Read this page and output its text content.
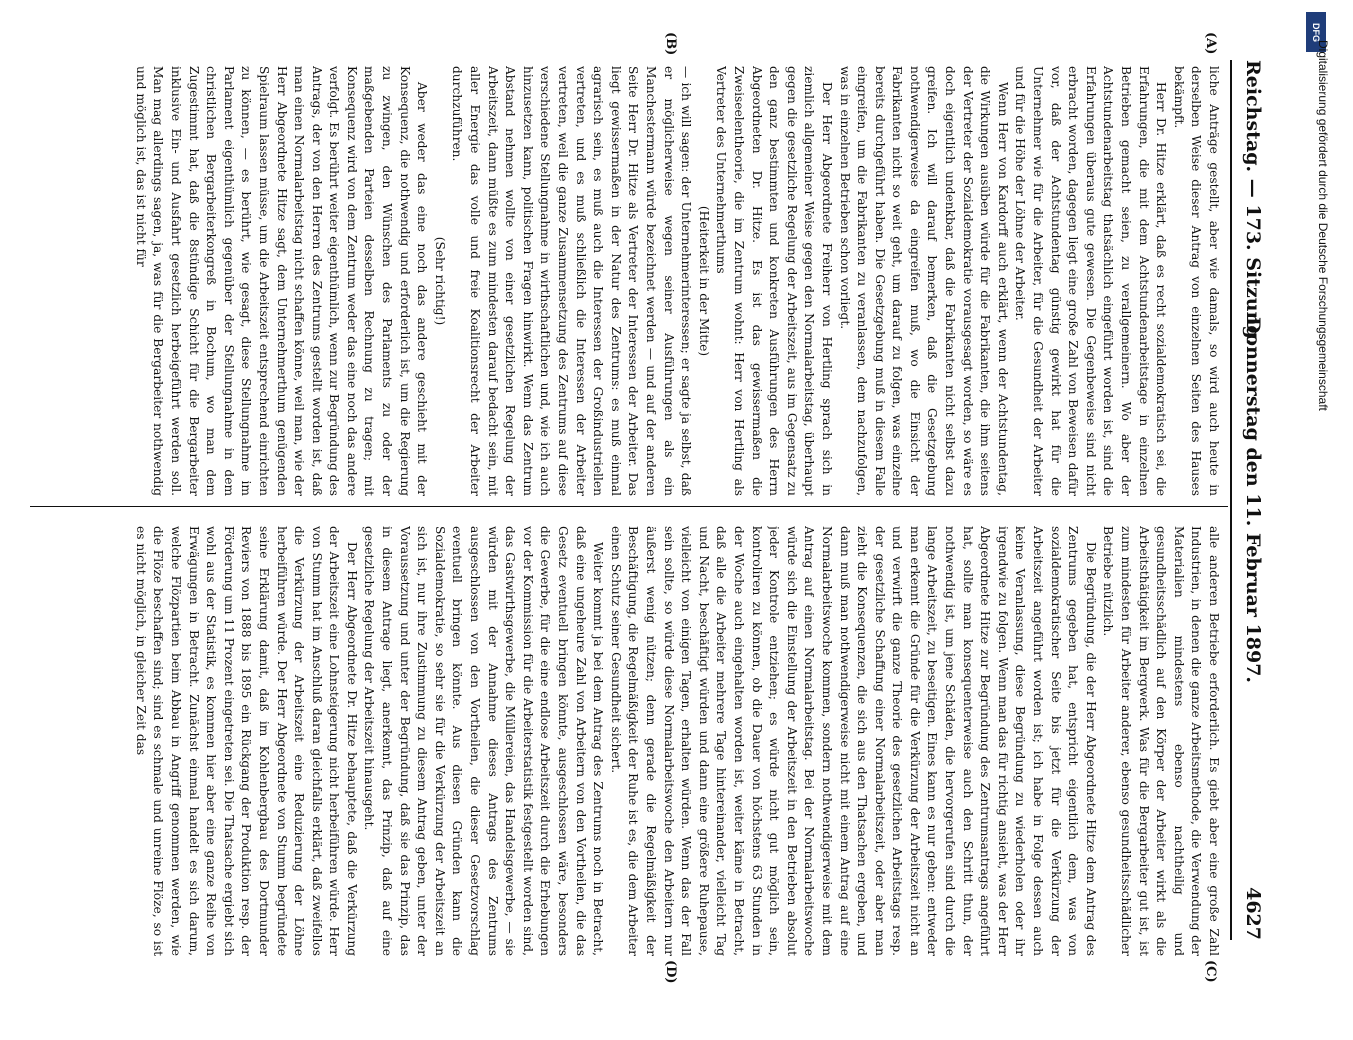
Reichstag. — 173. Sitzung.
Donnerstag den 11. Februar 1897.
4627
(A)
(B)
(C)
(D)

liche Anträge gestellt, aber wie damals, so wird auch heute in derselben Weise dieser Antrag von einzelnen Seiten des Hauses bekämpft.

Herr Dr. Hitze erklärt, daß es recht sozialdemokratisch sei, die Erfahrungen, die mit dem Achtstundenarbeitstage in einzelnen Betrieben gemacht seien, zu verallgemeinern. Wo aber der Achtstundenarbeitstag thatsächlich eingeführt worden ist, sind die Erfahrungen überaus gute gewesen. Die Gegenbeweise sind nicht erbracht worden, dagegen liegt eine große Zahl von Beweisen dafür vor, daß der Achtstundentag günstig gewirkt hat für die Unternehmer wie für die Arbeiter, für die Gesundheit der Arbeiter und für die Höhe der Löhne der Arbeiter.

Wenn Herr von Kardorff auch erklärt, wenn der Achtstundentag, die Wirkungen ausüben würde für die Fabrikanten, die ihm seitens der Vertreter der Sozialdemokratie vorausgesagt worden, so wäre es doch eigentlich undenkbar, daß die Fabrikanten nicht selbst dazu greifen. Ich will darauf bemerken, daß die Gesetzgebung nothwendigerweise da eingreifen muß, wo die Einsicht der Fabrikanten nicht so weit geht, um darauf zu folgen, was einzelne bereits durchgeführt haben. Die Gesetzgebung muß in diesem Falle eingreifen, um die Fabrikanten zu veranlassen, dem nachzufolgen, was in einzelnen Betrieben schon vorliegt.

Der Herr Abgeordnete Freiherr von Hertling sprach sich in ziemlich allgemeiner Weise gegen den Normalarbeitstag, überhaupt gegen die gesetzliche Regelung der Arbeitszeit, aus im Gegensatz zu den ganz bestimmten und konkreten Ausführungen des Herrn Abgeordneten Dr. Hitze. Es ist das gewissermaßen die Zweiseelentheorie, die im Zentrum wohnt: Herr von Hertling als Vertreter des Unternehmerthums

(Heiterkeit in der Mitte)

— ich will sagen: der Unternehmerinteressen; er sagte ja selbst, daß er möglicherweise wegen seiner Ausführungen als ein Manchestermann würde bezeichnet werden — und auf der anderen Seite Herr Dr. Hitze als Vertreter der Interessen der Arbeiter. Das liegt gewissermaßen in der Natur des Zentrums: es muß einmal agrarisch sein, es muß auch die Interessen der Großindustriellen vertreten, und es muß schließlich die Interessen der Arbeiter vertreten, weil die ganze Zusammensetzung des Zentrums auf diese verschiedene Stellungnahme in wirthschaftlichen und, wie ich auch hinzusetzen kann, politischen Fragen hinwirkt. Wenn das Zentrum Abstand nehmen wollte von einer gesetzlichen Regelung der Arbeitszeit, dann müßte es zum mindesten darauf bedacht sein, mit aller Energie das volle und freie Koalitionsrecht der Arbeiter durchzuführen.

(Sehr richtig!)

Aber weder das eine noch das andere geschieht mit der Konsequenz, die nothwendig und erforderlich ist, um die Regierung zu zwingen, den Wünschen des Parlaments zu oder der maßgebenden Parteien desselben Rechnung zu tragen; mit Konsequenz wird von dem Zentrum weder das eine noch das andere verfolgt. Es berührt weiter eigenthümlich, wenn zur Begründung des Antrags, der von den Herren des Zentrums gestellt worden ist, daß man einen Normalarbeitstag nicht schaffen könne, weil man, wie der Herr Abgeordnete Hitze sagt, dem Unternehmerthum genügenden Spielraum lassen müsse, um die Arbeitszeit entsprechend einrichten zu können, — es berührt, wie gesagt, diese Stellungnahme im Parlament eigenthümlich gegenüber der Stellungnahme in dem christlichen Bergarbeiterkongreß in Bochum, wo man dem Zugestimmt hat, daß die 8stündige Schicht für die Bergarbeiter inklusive Ein- und Ausfahrt gesetzlich herbeigeführt werden soll. Man mag allerdings sagen, ja, was für die Bergarbeiter nothwendig und möglich ist, das ist nicht für

alle anderen Betriebe erforderlich. Es giebt aber eine große Zahl Industrien, in denen die ganze Arbeitsmethode, die Verwendung der Materialien mindestens ebenso nachtheilig und gesundheitsschädlich auf den Körper der Arbeiter wirkt als die Arbeitsthätigkeit im Bergwerk. Was für die Bergarbeiter gut ist, ist zum mindesten für Arbeiter anderer, ebenso gesundheitsschädlicher Betriebe nützlich.

Die Begründung, die der Herr Abgeordnete Hitze dem Antrag des Zentrums gegeben hat, entspricht eigentlich dem, was von sozialdemokratischer Seite bis jetzt für die Verkürzung der Arbeitszeit angeführt worden ist; ich habe in Folge dessen auch keine Veranlassung, diese Begründung zu wiederholen oder ihr irgendwie zu folgen. Wenn man das für richtig ansieht, was der Herr Abgeordnete Hitze zur Begründung des Zentrumsantrags angeführt hat, sollte man konsequenterweise auch den Schritt thun, der nothwendig ist, um jene Schäden, die hervorgerufen sind durch die lange Arbeitszeit, zu beseitigen. Eines kann es nur geben: entweder man erkennt die Gründe für die Verkürzung der Arbeitszeit nicht an und verwirft die ganze Theorie des gesetzlichen Arbeitstags resp. der gesetzliche Schaffung einer Normalarbeitszeit, oder aber man zieht die Konsequenzen, die sich aus den Thatsachen ergeben, und dann muß man nothwendigerweise nicht mit einem Antrag auf eine Normalarbeitswoche kommen, sondern nothwendigerweise mit dem Antrag auf einen Normalarbeitstag. Bei der Normalarbeitswoche würde sich die Einstellung der Arbeitszeit in den Betrieben absolut jeder Kontrole entziehen; es würde nicht gut möglich sein, kontroliren zu können, ob die Dauer von höchstens 63 Stunden in der Woche auch eingehalten worden ist, weiter käme in Betracht, daß alle die Arbeiter mehrere Tage hintereinander, vielleicht Tag und Nacht, beschäftigt würden und dann eine größere Ruhepause, vielleicht von einigen Tagen, erhalten würden. Wenn das der Fall sein sollte, so würde diese Normalarbeitswoche den Arbeitern nur äußerst wenig nützen; denn gerade die Regelmäßigkeit der Beschäftigung, die Regelmäßigkeit der Ruhe ist es, die dem Arbeiter einen Schutz seiner Gesundheit sichert.

Weiter kommt ja bei dem Antrag des Zentrums noch in Betracht, daß eine ungeheure Zahl von Arbeitern von den Vortheilen, die das Gesetz eventuell bringen könnte, ausgeschlossen wäre, besonders die Gewerbe, für die eine endlose Arbeitszeit durch die Erhebungen vor der Kommission für die Arbeiterstatistik festgestellt worden sind, das Gastwirthsgewerbe, die Müllereien, das Handelsgewerbe, — sie würden mit der Annahme dieses Antrags des Zentrums ausgeschlossen von den Vortheilen, die dieser Gesetzvorschlag eventuell bringen könnte. Aus diesen Gründen kann die Sozialdemokratie, so sehr sie für die Verkürzung der Arbeitszeit an sich ist, nur ihre Zustimmung zu diesem Antrag geben, unter der Voraussetzung und unter der Begründung, daß sie das Prinzip, das in diesem Antrage liegt, anerkennt, das Prinzip, daß auf eine gesetzliche Regelung der Arbeitszeit hinausgeht.

Der Herr Abgeordnete Dr. Hitze behauptete, daß die Verkürzung der Arbeitszeit eine Lohnsteigerung nicht herbeiführen würde. Herr von Stumm hat im Anschluß daran gleichfalls erklärt, daß zweifellos die Verkürzung der Arbeitszeit eine Reduzierung der Löhne herbeiführen würde. Der Herr Abgeordnete von Stumm begründete seine Erklärung damit, daß im Kohlenbergbau des Dortmunder Reviers von 1888 bis 1895 ein Rückgang der Produktion resp. der Förderung um 11 Prozent eingetreten sei. Die Thatsache ergiebt sich wohl aus der Statistik, es kommen hier aber eine ganze Reihe von Erwägungen in Betracht. Zunächst einmal handelt es sich darum, welche Flözpartien beim Abbau in Angriff genommen werden, wie die Flöze beschaffen sind; sind es schmale und unreine Flöze, so ist es nicht möglich, in gleicher Zeit das

DFG
Digitalisierung gefördert durch die Deutsche Forschungsgemeinschaft
